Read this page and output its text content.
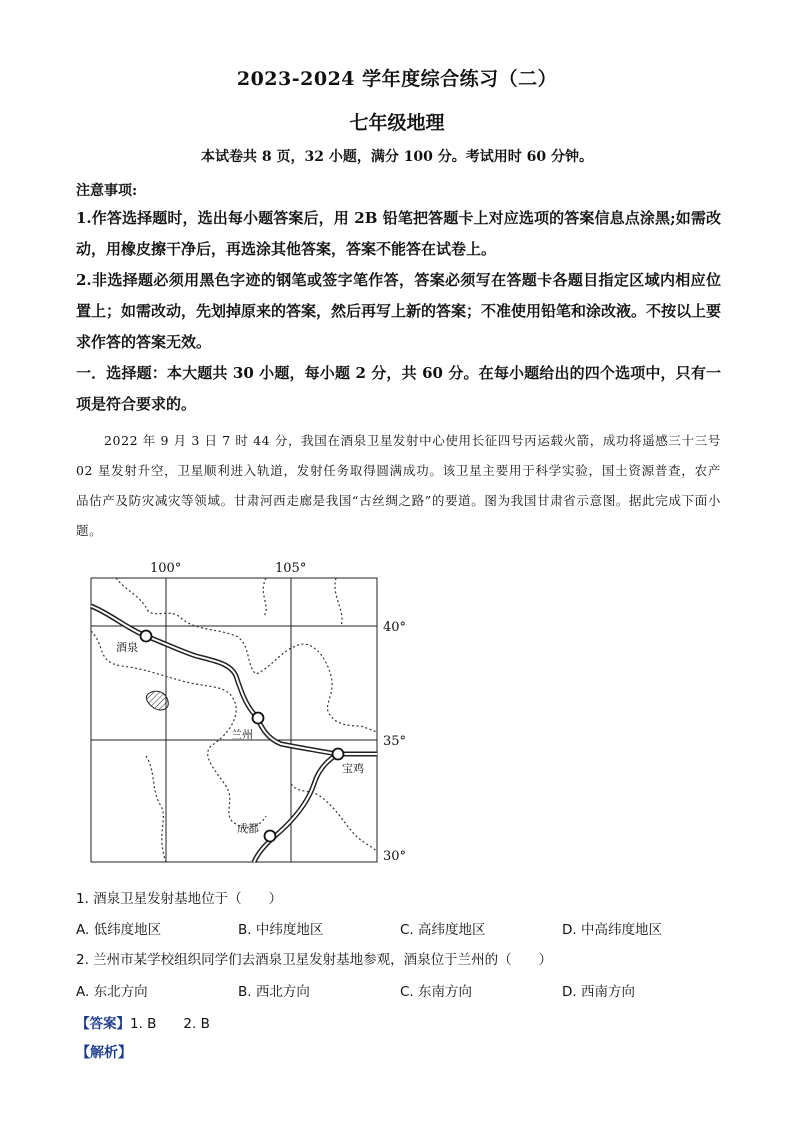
2023-2024 学年度综合练习（二）
七年级地理
本试卷共 8 页，32 小题，满分 100 分。考试用时 60 分钟。
注意事项:
1.作答选择题时，选出每小题答案后，用 2B 铅笔把答题卡上对应选项的答案信息点涂黑;如需改动，用橡皮擦干净后，再选涂其他答案，答案不能答在试卷上。
2.非选择题必须用黑色字迹的钢笔或签字笔作答，答案必须写在答题卡各题目指定区域内相应位置上；如需改动，先划掉原来的答案，然后再写上新的答案；不准使用铅笔和涂改液。不按以上要求作答的答案无效。
一．选择题：本大题共 30 小题，每小题 2 分，共 60 分。在每小题给出的四个选项中，只有一项是符合要求的。
2022 年 9 月 3 日 7 时 44 分，我国在酒泉卫星发射中心使用长征四号丙运载火箭，成功将遥感三十三号 02 星发射升空，卫星顺利进入轨道，发射任务取得圆满成功。该卫星主要用于科学实验，国土资源普查，农产品估产及防灾减灾等领域。甘肃河西走廊是我国“古丝绸之路”的要道。图为我国甘肃省示意图。据此完成下面小题。
酒泉
兰州
宝鸡
成都
100°	105°
40°
35°
30°
1. 酒泉卫星发射基地位于（　　）
A. 低纬度地区	B. 中纬度地区	C. 高纬度地区	D. 中高纬度地区
2. 兰州市某学校组织同学们去酒泉卫星发射基地参观，酒泉位于兰州的（　　）
A. 东北方向	B. 西北方向	C. 东南方向	D. 西南方向
【答案】1. B　　2. B
【解析】
